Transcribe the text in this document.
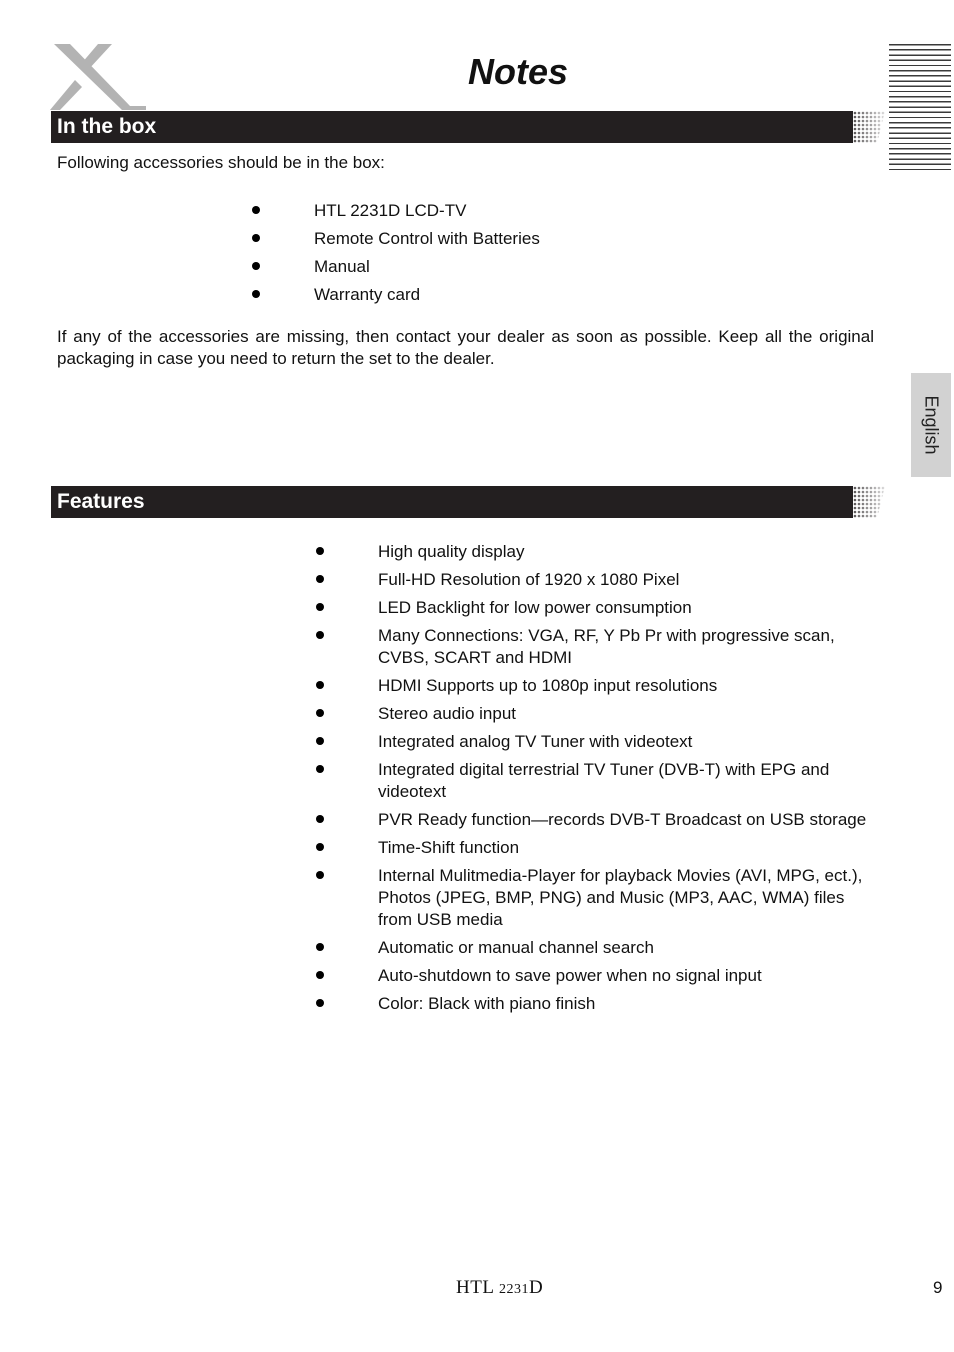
Notes
English
In the box

Following accessories should be in the box:

HTL 2231D LCD-TV
Remote Control with Batteries
Manual
Warranty card

If any of the accessories are missing, then contact your dealer as soon as possible. Keep all the original packaging in case you need to return the set to the dealer.

Features
High quality display
Full-HD Resolution of 1920 x 1080 Pixel
LED Backlight for low power consumption
Many Connections: VGA, RF, Y Pb Pr with progressive scan, CVBS, SCART and HDMI
HDMI Supports up to 1080p input resolutions
Stereo audio input
Integrated analog TV Tuner with videotext
Integrated digital terrestrial TV Tuner (DVB-T) with EPG and videotext
PVR Ready function—records DVB-T Broadcast on USB storage
Time-Shift function
Internal Mulitmedia-Player for playback Movies (AVI, MPG, ect.), Photos (JPEG, BMP, PNG) and Music (MP3, AAC, WMA) files from USB media
Automatic or manual channel search
Auto-shutdown to save power when no signal input
Color: Black with piano finish
HTL 2231D	9
